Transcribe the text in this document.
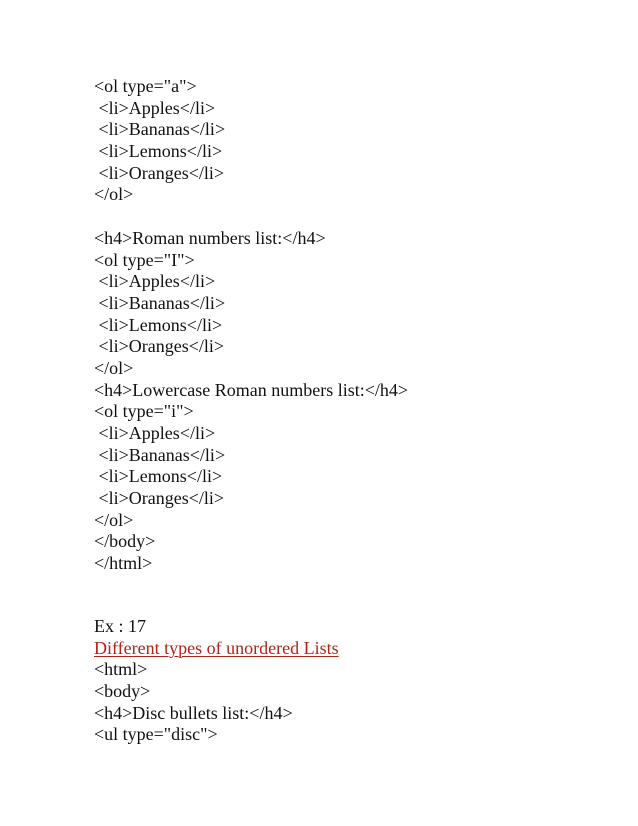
<ol type="a">
<li>Apples</li>
<li>Bananas</li>
<li>Lemons</li>
<li>Oranges</li>
</ol>
<h4>Roman numbers list:</h4>
<ol type="I">
<li>Apples</li>
<li>Bananas</li>
<li>Lemons</li>
<li>Oranges</li>
</ol>
<h4>Lowercase Roman numbers list:</h4>
<ol type="i">
<li>Apples</li>
<li>Bananas</li>
<li>Lemons</li>
<li>Oranges</li>
</ol>
</body>
</html>
Ex : 17
Different types of unordered Lists
<html>
<body>
<h4>Disc bullets list:</h4>
<ul type="disc">
